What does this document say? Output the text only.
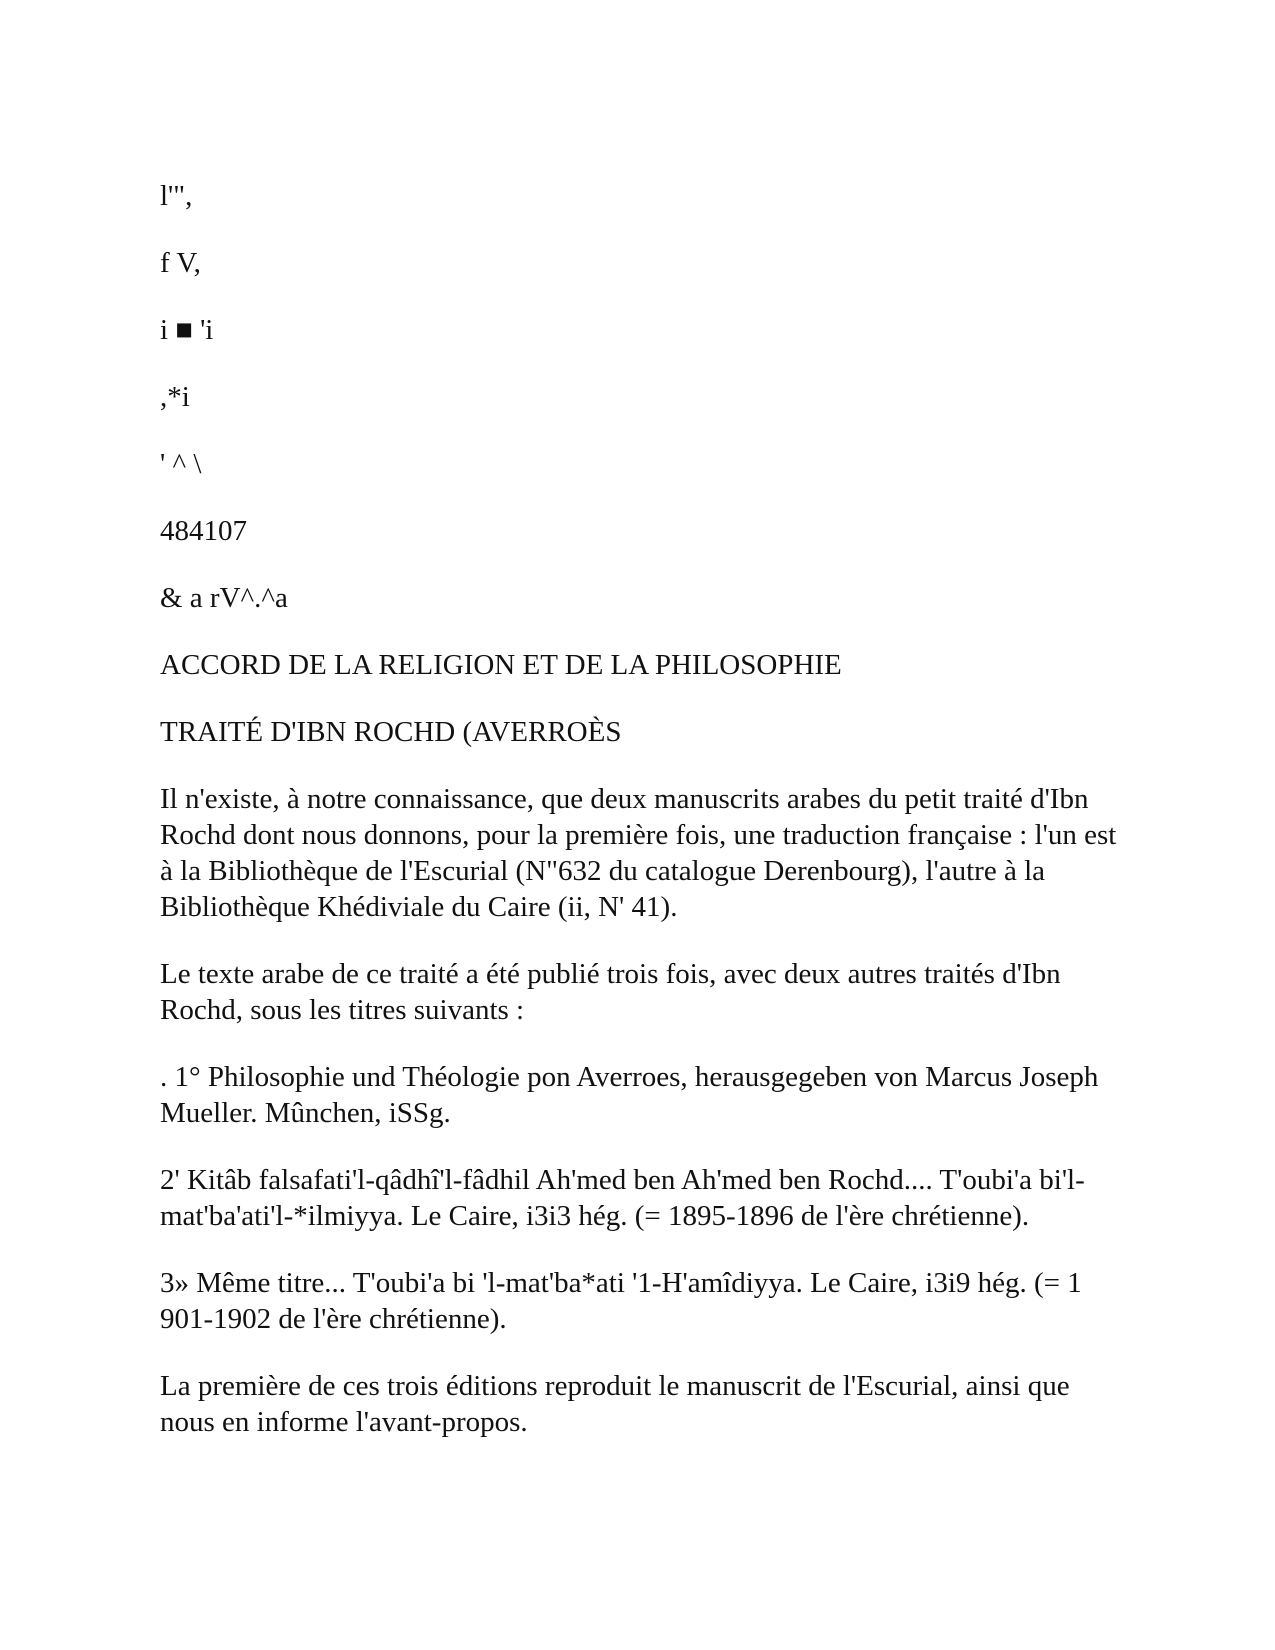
l'",

f V,

i ■ 'i

,*i

' ^ \

484107

& a rV^.^a

ACCORD DE LA RELIGION ET DE LA PHILOSOPHIE

TRAITÉ D'IBN ROCHD (AVERROÈS

Il n'existe, à notre connaissance, que deux manuscrits arabes du petit traité d'Ibn Rochd dont nous donnons, pour la première fois, une traduction française : l'un est à la Bibliothèque de l'Escurial (N"632 du catalogue Derenbourg), l'autre à la Bibliothèque Khédiviale du Caire (ii, N' 41).

Le texte arabe de ce traité a été publié trois fois, avec deux autres traités d'Ibn Rochd, sous les titres suivants :

. 1° Philosophie und Théologie pon Averroes, herausgegeben von Marcus Joseph Mueller. Mûnchen, iSSg.

2' Kitâb falsafati'l-qâdhî'l-fâdhil Ah'med ben Ah'med ben Rochd.... T'oubi'a bi'l-mat'ba'ati'l-*ilmiyya. Le Caire, i3i3 hég. (= 1895-1896 de l'ère chrétienne).

3» Même titre... T'oubi'a bi 'l-mat'ba*ati '1-H'amîdiyya. Le Caire, i3i9 hég. (= 1 901-1902 de l'ère chrétienne).

La première de ces trois éditions reproduit le manuscrit de l'Escurial, ainsi que nous en informe l'avant-propos.
